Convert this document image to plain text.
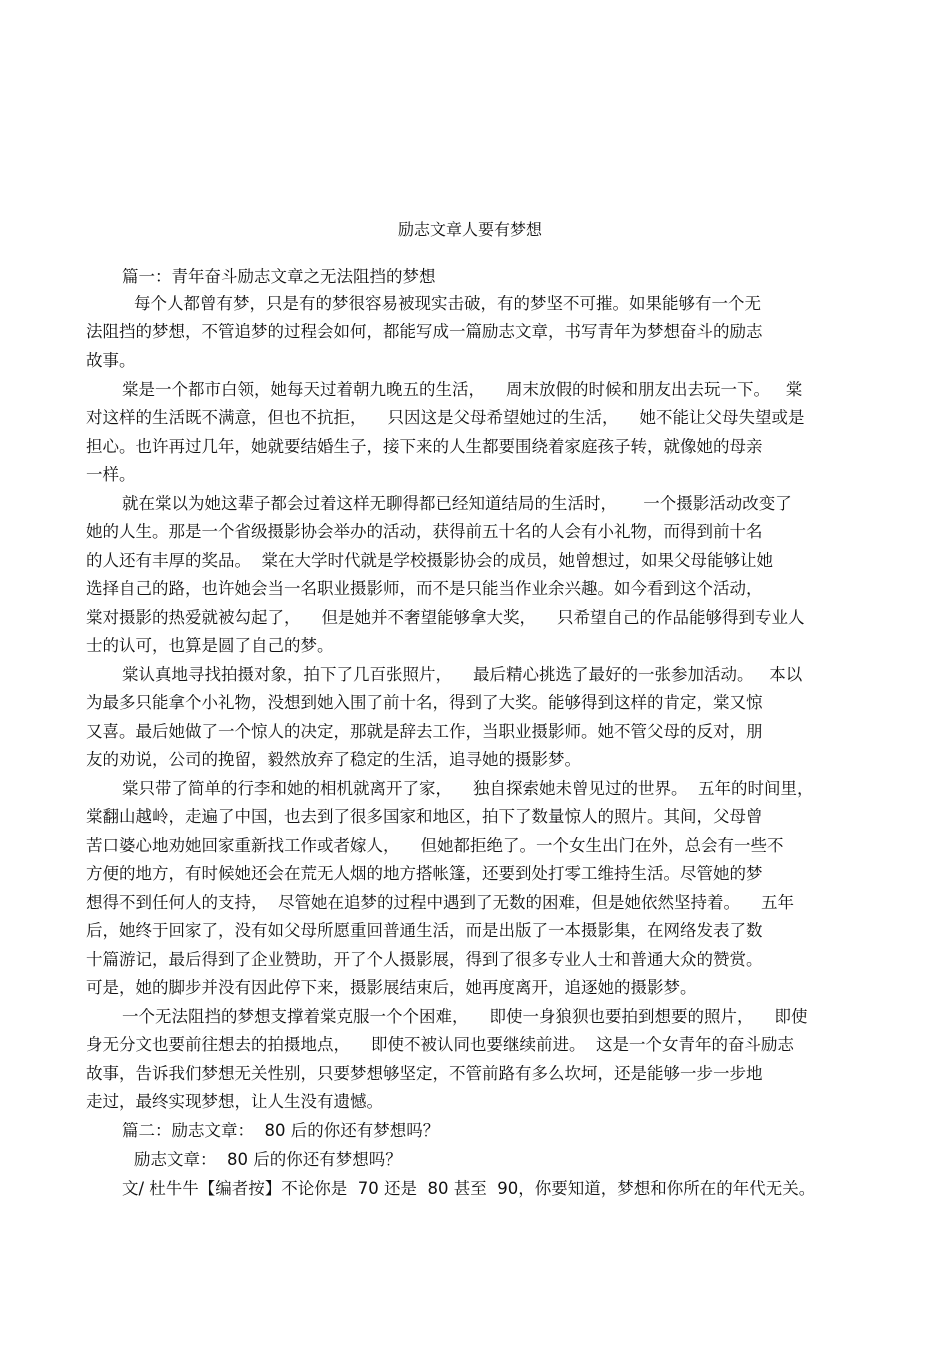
励志文章人要有梦想
篇一：青年奋斗励志文章之无法阻挡的梦想
每个人都曾有梦，只是有的梦很容易被现实击破，有的梦坚不可摧。如果能够有一个无
法阻挡的梦想，不管追梦的过程会如何，都能写成一篇励志文章，书写青年为梦想奋斗的励志
故事。
棠是一个都市白领，她每天过着朝九晚五的生活，    周末放假的时候和朋友出去玩一下。   棠
对这样的生活既不满意，但也不抗拒，    只因这是父母希望她过的生活，    她不能让父母失望或是
担心。也许再过几年，她就要结婚生子，接下来的人生都要围绕着家庭孩子转，就像她的母亲
一样。
就在棠以为她这辈子都会过着这样无聊得都已经知道结局的生活时，     一个摄影活动改变了
她的人生。那是一个省级摄影协会举办的活动，获得前五十名的人会有小礼物，而得到前十名
的人还有丰厚的奖品。  棠在大学时代就是学校摄影协会的成员，她曾想过，如果父母能够让她
选择自己的路，也许她会当一名职业摄影师，而不是只能当作业余兴趣。如今看到这个活动，
棠对摄影的热爱就被勾起了，    但是她并不奢望能够拿大奖，    只希望自己的作品能够得到专业人
士的认可，也算是圆了自己的梦。
棠认真地寻找拍摄对象，拍下了几百张照片，    最后精心挑选了最好的一张参加活动。   本以
为最多只能拿个小礼物，没想到她入围了前十名，得到了大奖。能够得到这样的肯定，棠又惊
又喜。最后她做了一个惊人的决定，那就是辞去工作，当职业摄影师。她不管父母的反对，朋
友的劝说，公司的挽留，毅然放弃了稳定的生活，追寻她的摄影梦。
棠只带了简单的行李和她的相机就离开了家，    独自探索她未曾见过的世界。  五年的时间里，
棠翻山越岭，走遍了中国，也去到了很多国家和地区，拍下了数量惊人的照片。其间，父母曾
苦口婆心地劝她回家重新找工作或者嫁人，    但她都拒绝了。一个女生出门在外，总会有一些不
方便的地方，有时候她还会在荒无人烟的地方搭帐篷，还要到处打零工维持生活。尽管她的梦
想得不到任何人的支持，  尽管她在追梦的过程中遇到了无数的困难，但是她依然坚持着。    五年
后，她终于回家了，没有如父母所愿重回普通生活，而是出版了一本摄影集，在网络发表了数
十篇游记，最后得到了企业赞助，开了个人摄影展，得到了很多专业人士和普通大众的赞赏。
可是，她的脚步并没有因此停下来，摄影展结束后，她再度离开，追逐她的摄影梦。
一个无法阻挡的梦想支撑着棠克服一个个困难，    即使一身狼狈也要拍到想要的照片，    即使
身无分文也要前往想去的拍摄地点，    即使不被认同也要继续前进。  这是一个女青年的奋斗励志
故事，告诉我们梦想无关性别，只要梦想够坚定，不管前路有多么坎坷，还是能够一步一步地
走过，最终实现梦想，让人生没有遗憾。
篇二：励志文章：  80 后的你还有梦想吗？
励志文章：  80 后的你还有梦想吗？
文/ 杜牛牛【编者按】不论你是  70 还是  80 甚至  90，你要知道，梦想和你所在的年代无关。
